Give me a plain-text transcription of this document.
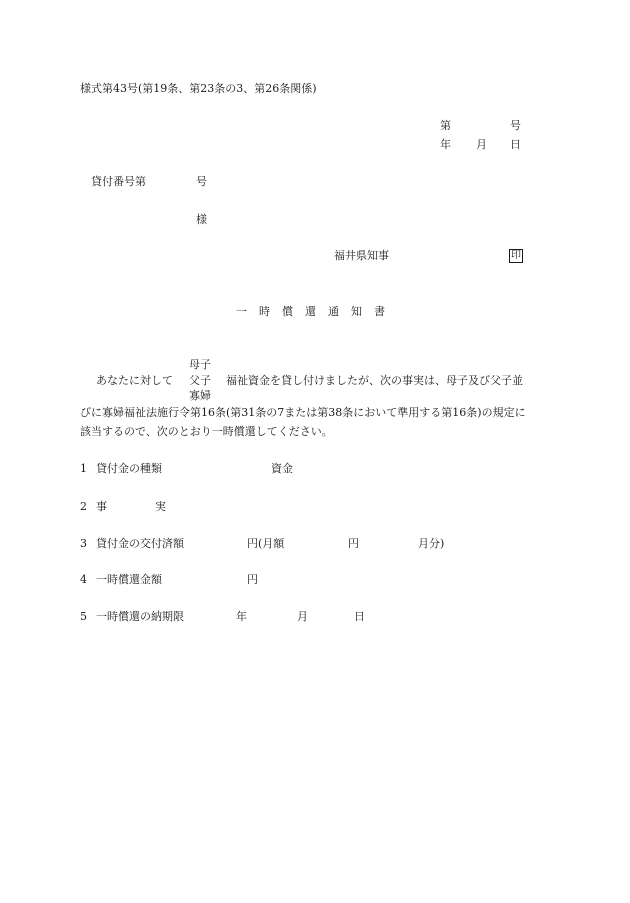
様式第43号(第19条、第23条の3、第26条関係)
第	号
年 月 日
貸付番号第	号
様
福井県知事	印
一時償還通知書
母子
あなたに対して 父子 福祉資金を貸し付けましたが、次の事実は、母子及び父子並
寡婦
びに寡婦福祉法施行令第16条(第31条の7または第38条において準用する第16条)の規定に
該当するので、次のとおり一時償還してください。
1 貸付金の種類	資金
2 事	実
3 貸付金の交付済額	円(月額	円	月分)
4 一時償還金額	円
5 一時償還の納期限	年	月	日
